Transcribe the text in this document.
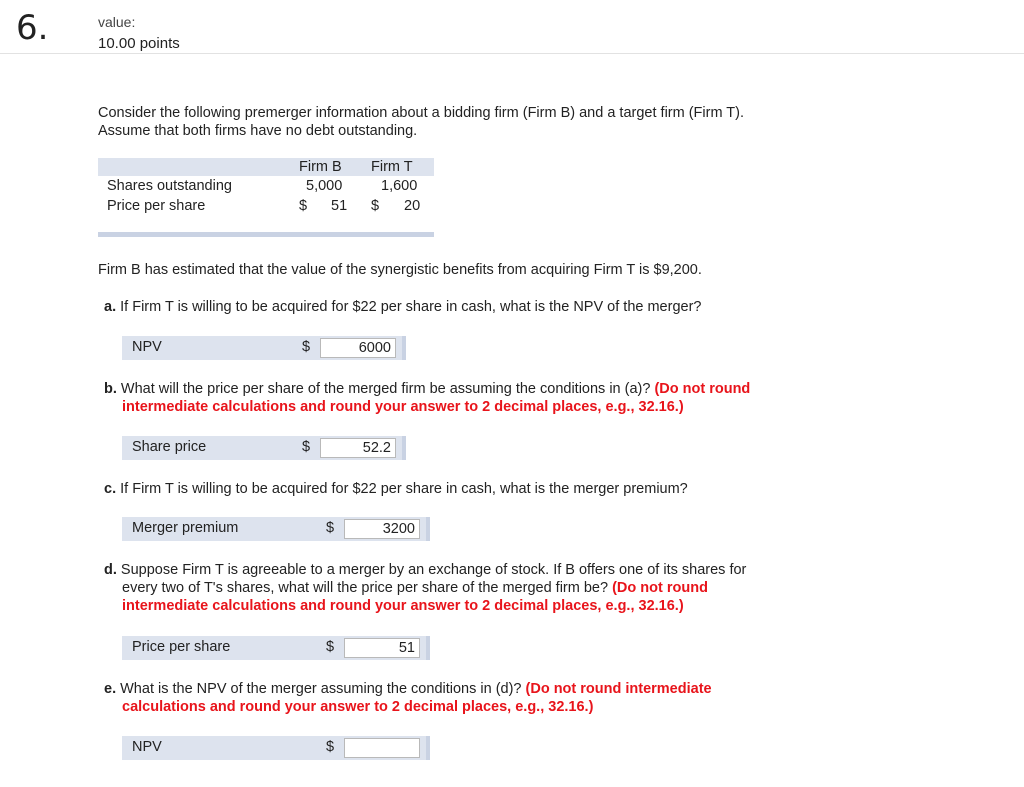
6.	value:
10.00 points
Consider the following premerger information about a bidding firm (Firm B) and a target firm (Firm T).
Assume that both firms have no debt outstanding.
Firm B Firm T
Shares outstanding	5,000	1,600
Price per share	$ 51 $ 20
Firm B has estimated that the value of the synergistic benefits from acquiring Firm T is $9,200.
a. If Firm T is willing to be acquired for $22 per share in cash, what is the NPV of the merger?
NPV	$
6000
b. What will the price per share of the merged firm be assuming the conditions in (a)? (Do not round
intermediate calculations and round your answer to 2 decimal places, e.g., 32.16.)
Share price	$
52.2
c. If Firm T is willing to be acquired for $22 per share in cash, what is the merger premium?
Merger premium	$
3200
d. Suppose Firm T is agreeable to a merger by an exchange of stock. If B offers one of its shares for
every two of T's shares, what will the price per share of the merged firm be? (Do not round
intermediate calculations and round your answer to 2 decimal places, e.g., 32.16.)
Price per share	$
51
e. What is the NPV of the merger assuming the conditions in (d)? (Do not round intermediate
calculations and round your answer to 2 decimal places, e.g., 32.16.)
NPV	$
